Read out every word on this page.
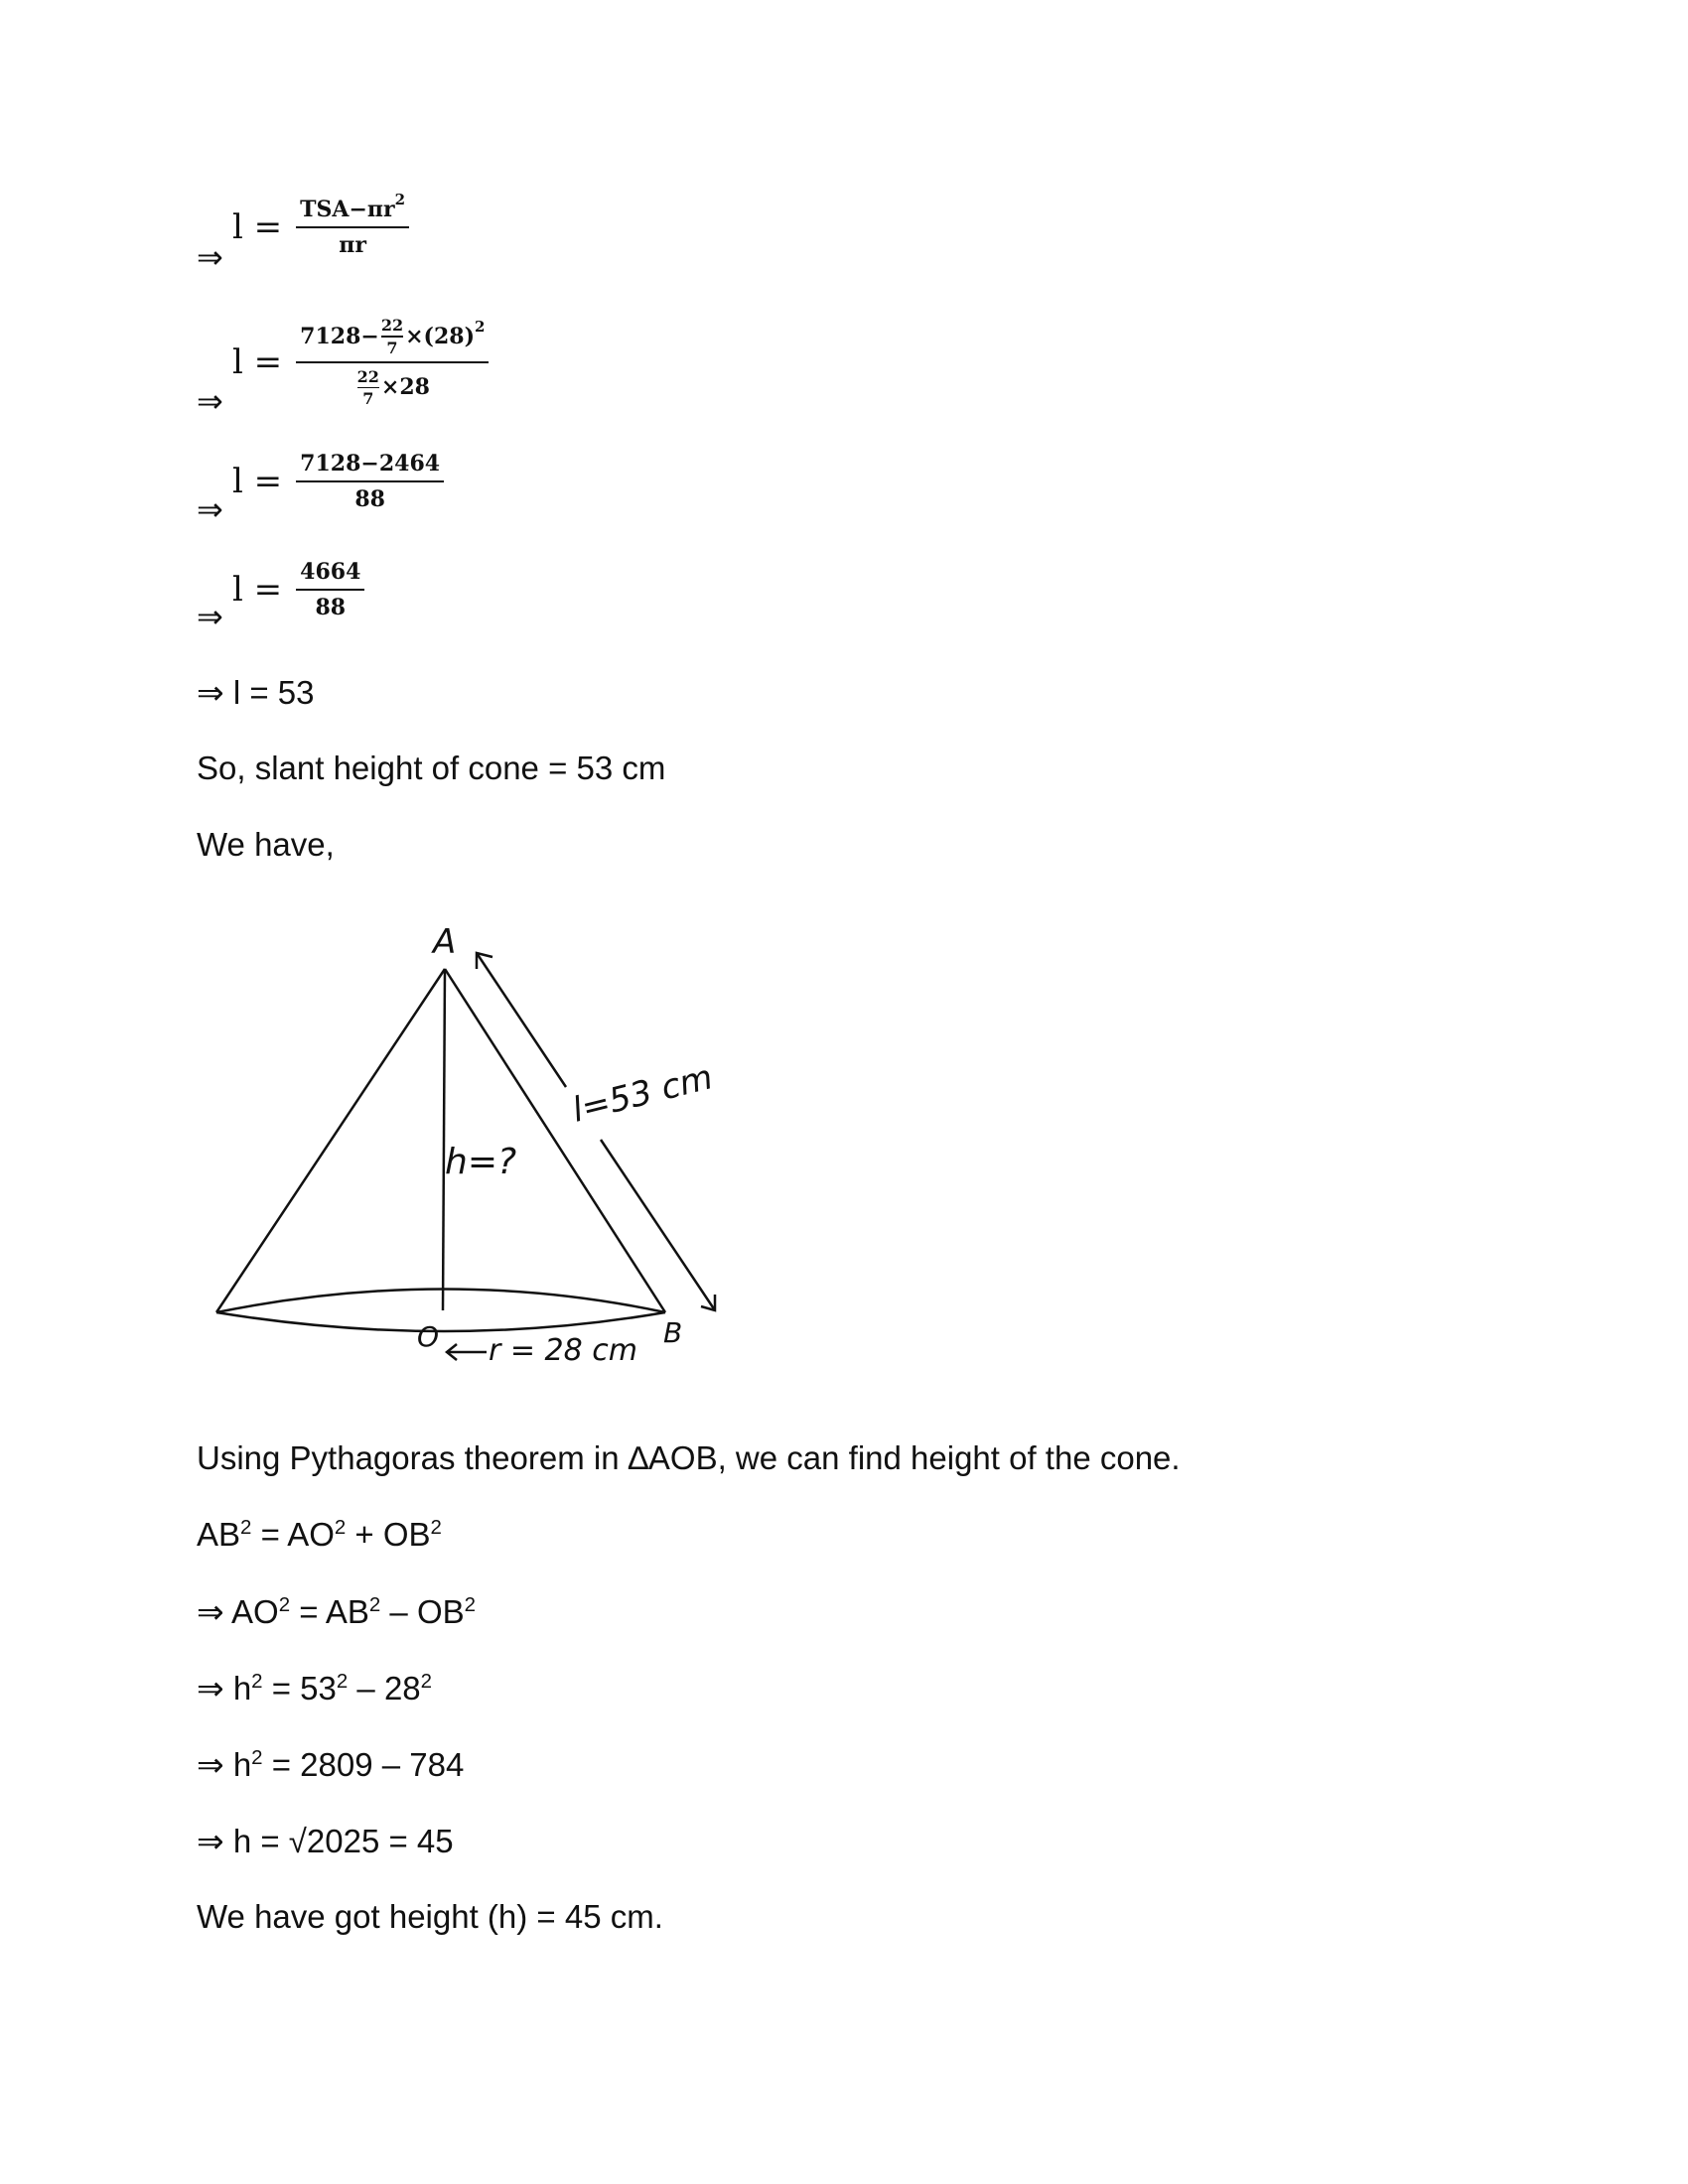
$l = \frac{\text{TSA−πr 2}}{\pi r}$
⇒
l = 7128− 22
7 ×(28) 2
22
7 ×28
⇒
$l = \frac{7128-2464}{88}$
⇒
$l = \frac{4664}{88}$
⇒
⇒ l = 53
So, slant height of cone = 53 cm
We have,
A
O	B
h=?
l=53 cm
r = 28 cm
Using Pythagoras theorem in ∆AOB, we can find height of the cone.
$AB^2 = AO^2 + OB^2$
⇒ $AO^2 = AB^2 - OB^2$
⇒ $h^2 = 53^2 - 28^2$
⇒ $h^2 = 2809 - 784$
⇒ h = √2025 = 45
We have got height (h) = 45 cm.
